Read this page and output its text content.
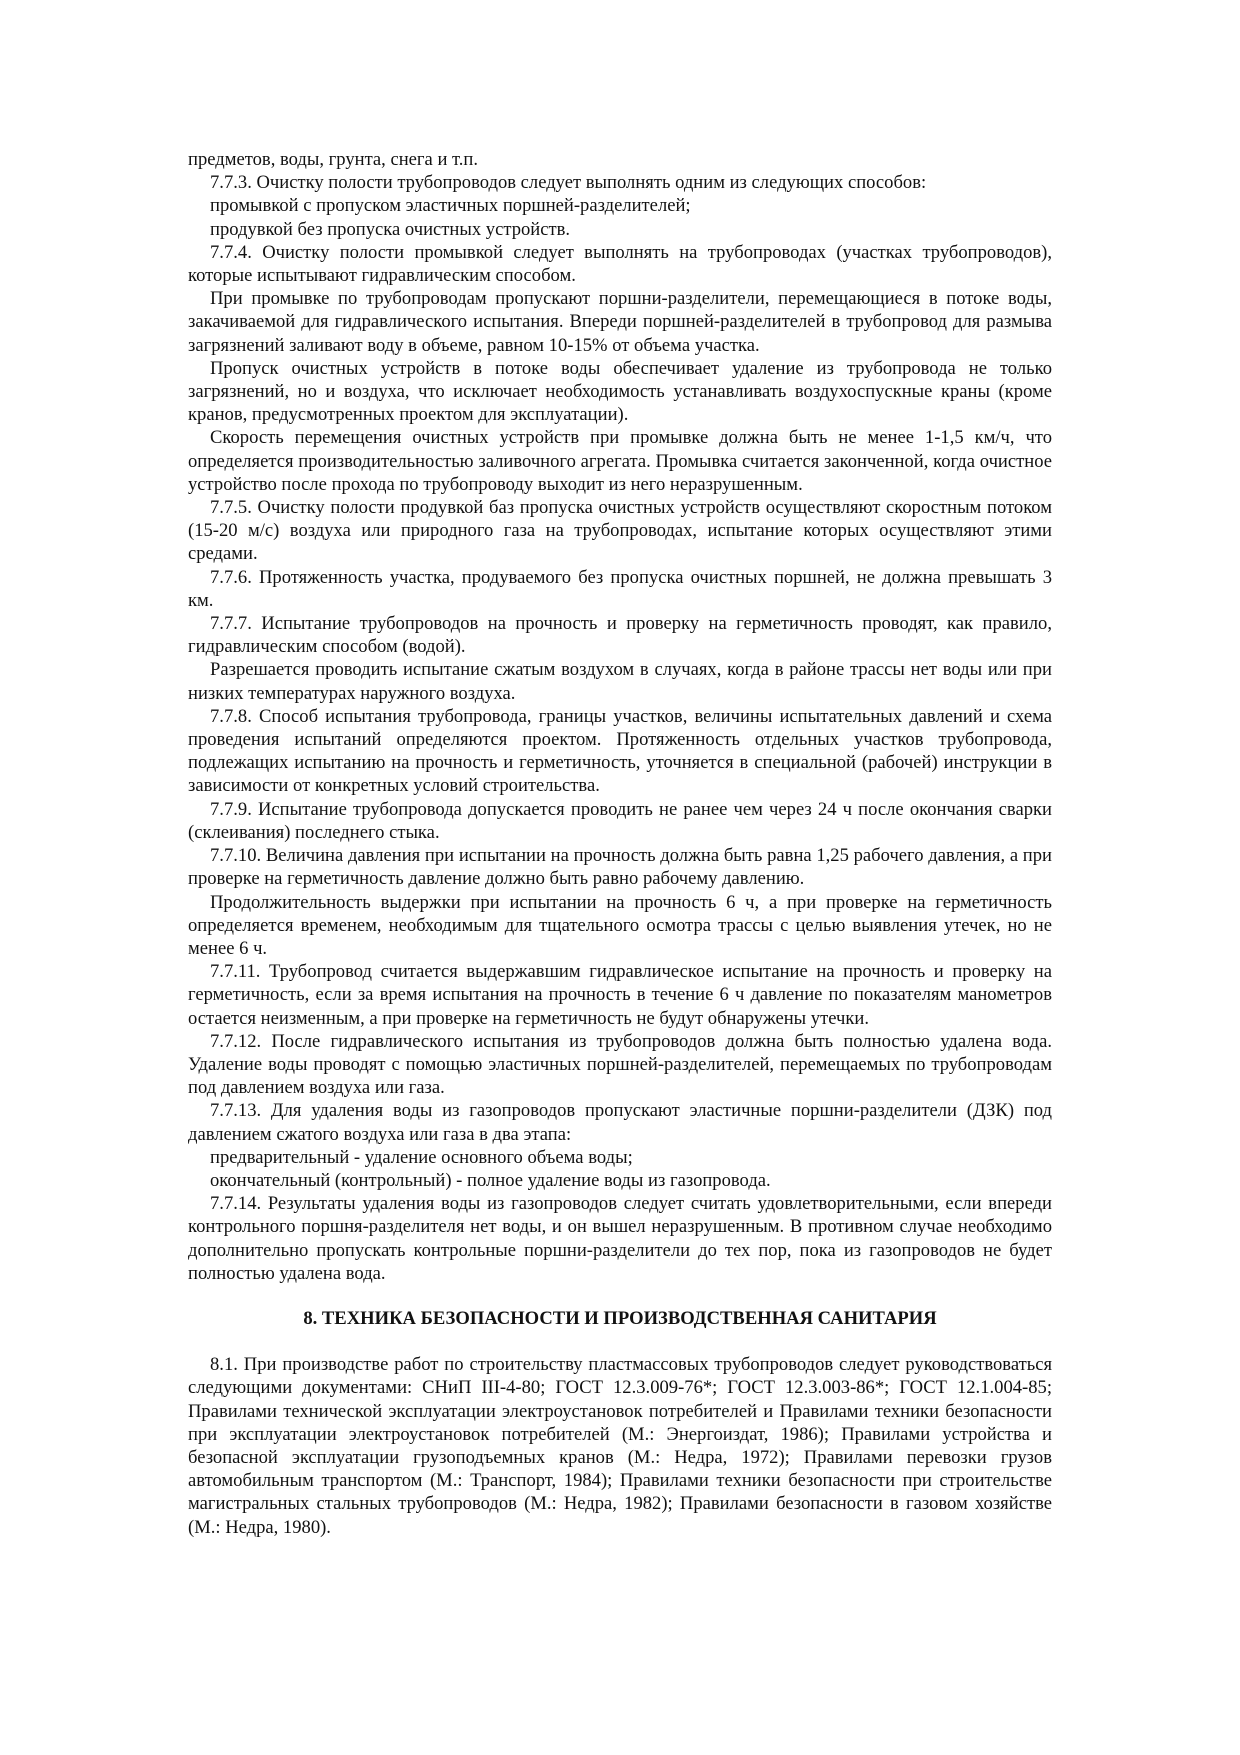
предметов, воды, грунта, снега и т.п.

7.7.3. Очистку полости трубопроводов следует выполнять одним из следующих способов:

промывкой с пропуском эластичных поршней-разделителей;

продувкой без пропуска очистных устройств.

7.7.4. Очистку полости промывкой следует выполнять на трубопроводах (участках трубопроводов), которые испытывают гидравлическим способом.

При промывке по трубопроводам пропускают поршни-разделители, перемещающиеся в потоке воды, закачиваемой для гидравлического испытания. Впереди поршней-разделителей в трубопровод для размыва загрязнений заливают воду в объеме, равном 10-15% от объема участка.

Пропуск очистных устройств в потоке воды обеспечивает удаление из трубопровода не только загрязнений, но и воздуха, что исключает необходимость устанавливать воздухоспускные краны (кроме кранов, предусмотренных проектом для эксплуатации).

Скорость перемещения очистных устройств при промывке должна быть не менее 1-1,5 км/ч, что определяется производительностью заливочного агрегата. Промывка считается законченной, когда очистное устройство после прохода по трубопроводу выходит из него неразрушенным.

7.7.5. Очистку полости продувкой баз пропуска очистных устройств осуществляют скоростным потоком (15-20 м/с) воздуха или природного газа на трубопроводах, испытание которых осуществляют этими средами.

7.7.6. Протяженность участка, продуваемого без пропуска очистных поршней, не должна превышать 3 км.

7.7.7. Испытание трубопроводов на прочность и проверку на герметичность проводят, как правило, гидравлическим способом (водой).

Разрешается проводить испытание сжатым воздухом в случаях, когда в районе трассы нет воды или при низких температурах наружного воздуха.

7.7.8. Способ испытания трубопровода, границы участков, величины испытательных давлений и схема проведения испытаний определяются проектом. Протяженность отдельных участков трубопровода, подлежащих испытанию на прочность и герметичность, уточняется в специальной (рабочей) инструкции в зависимости от конкретных условий строительства.

7.7.9. Испытание трубопровода допускается проводить не ранее чем через 24 ч после окончания сварки (склеивания) последнего стыка.

7.7.10. Величина давления при испытании на прочность должна быть равна 1,25 рабочего давления, а при проверке на герметичность давление должно быть равно рабочему давлению.

Продолжительность выдержки при испытании на прочность 6 ч, а при проверке на герметичность определяется временем, необходимым для тщательного осмотра трассы с целью выявления утечек, но не менее 6 ч.

7.7.11. Трубопровод считается выдержавшим гидравлическое испытание на прочность и проверку на герметичность, если за время испытания на прочность в течение 6 ч давление по показателям манометров остается неизменным, а при проверке на герметичность не будут обнаружены утечки.

7.7.12. После гидравлического испытания из трубопроводов должна быть полностью удалена вода. Удаление воды проводят с помощью эластичных поршней-разделителей, перемещаемых по трубопроводам под давлением воздуха или газа.

7.7.13. Для удаления воды из газопроводов пропускают эластичные поршни-разделители (ДЗК) под давлением сжатого воздуха или газа в два этапа:

предварительный - удаление основного объема воды;

окончательный (контрольный) - полное удаление воды из газопровода.

7.7.14. Результаты удаления воды из газопроводов следует считать удовлетворительными, если впереди контрольного поршня-разделителя нет воды, и он вышел неразрушенным. В противном случае необходимо дополнительно пропускать контрольные поршни-разделители до тех пор, пока из газопроводов не будет полностью удалена вода.

8. ТЕХНИКА БЕЗОПАСНОСТИ И ПРОИЗВОДСТВЕННАЯ САНИТАРИЯ

8.1. При производстве работ по строительству пластмассовых трубопроводов следует руководствоваться следующими документами: СНиП III-4-80; ГОСТ 12.3.009-76*; ГОСТ 12.3.003-86*; ГОСТ 12.1.004-85; Правилами технической эксплуатации электроустановок потребителей и Правилами техники безопасности при эксплуатации электроустановок потребителей (М.: Энергоиздат, 1986); Правилами устройства и безопасной эксплуатации грузоподъемных кранов (М.: Недра, 1972); Правилами перевозки грузов автомобильным транспортом (М.: Транспорт, 1984); Правилами техники безопасности при строительстве магистральных стальных трубопроводов (М.: Недра, 1982); Правилами безопасности в газовом хозяйстве (М.: Недра, 1980).
